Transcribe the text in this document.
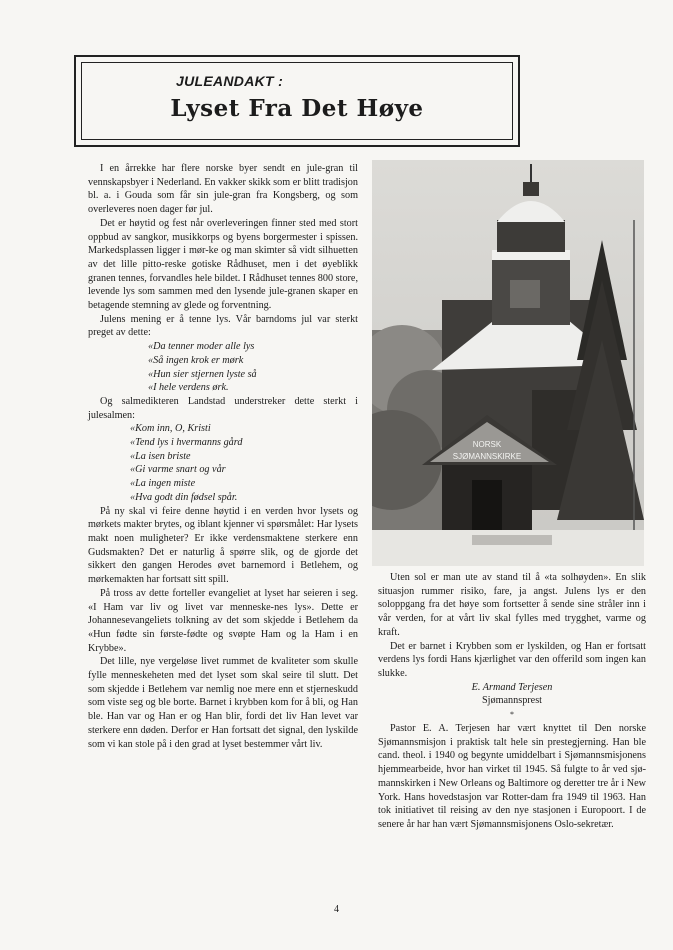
JULEANDAKT :
Lyset Fra Det Høye

I en årrekke har flere norske byer sendt en jule-gran til vennskapsbyer i Nederland. En vakker skikk som er blitt tradisjon bl. a. i Gouda som får sin jule-gran fra Kongsberg, og som overleveres noen dager før jul.

Det er høytid og fest når overleveringen finner sted med stort oppbud av sangkor, musikkorps og byens borgermester i spissen. Markedsplassen ligger i mør-ke og man skimter så vidt silhuetten av det lille pitto-reske gotiske Rådhuset, men i det øyeblikk granen tennes, forvandles hele bildet. I Rådhuset tennes 800 store, levende lys som sammen med den lysende jule-granen skaper en betagende stemning av glede og forventning.

Julens mening er å tenne lys. Vår barndoms jul var sterkt preget av dette:

«Da tenner moder alle lys
«Så ingen krok er mørk
«Hun sier stjernen lyste så
«I hele verdens ørk.

Og salmedikteren Landstad understreker dette sterkt i julesalmen:

«Kom inn, O, Kristi
«Tend lys i hvermanns gård
«La isen briste
«Gi varme snart og vår
«La ingen miste
«Hva godt din fødsel spår.

På ny skal vi feire denne høytid i en verden hvor lysets og mørkets makter brytes, og iblant kjenner vi spørsmålet: Har lysets makt noen muligheter? Er ikke verdensmaktene sterkere enn Gudsmakten? Det er naturlig å spørre slik, og de gjorde det sikkert den gangen Herodes øvet barnemord i Betlehem, og mørkemakten har fortsatt sitt spill.

På tross av dette forteller evangeliet at lyset har seieren i seg. «I Ham var liv og livet var menneske-nes lys». Dette er Johannesevangeliets tolkning av det som skjedde i Betlehem da «Hun fødte sin første-fødte og svøpte Ham og la Ham i en Krybbe».

Det lille, nye vergeløse livet rummet de kvaliteter som skulle fylle menneskeheten med det lyset som skal seire til slutt. Det som skjedde i Betlehem var nemlig noe mere enn et stjerneskudd som viste seg og ble borte. Barnet i krybben kom for å bli, og Han ble. Han var og Han er og Han blir, fordi det liv Han levet var sterkere enn døden. Derfor er Han fortsatt det signal, den lyskilde som vi kan stole på i den grad at lyset bestemmer vårt liv.

NORSK
SJØMANNSKIRKE

Uten sol er man ute av stand til å «ta solhøyden». En slik situasjon rummer risiko, fare, ja angst. Julens lys er den soloppgang fra det høye som fortsetter å sende sine stråler inn i vår verden, for at vårt liv skal fylles med trygghet, varme og kraft.

Det er barnet i Krybben som er lyskilden, og Han er fortsatt verdens lys fordi Hans kjærlighet var den offerild som ingen kan slukke.

E. Armand Terjesen

Sjømannsprest

*

Pastor E. A. Terjesen har vært knyttet til Den norske Sjømannsmisjon i praktisk talt hele sin prestegjerning. Han ble cand. theol. i 1940 og begynte umiddelbart i Sjømannsmisjonens hjemmearbeide, hvor han virket til 1945. Så fulgte to år ved sjø-mannskirken i New Orleans og Baltimore og deretter tre år i New York. Hans hovedstasjon var Rotter-dam fra 1949 til 1963. Han tok initiativet til reising av den nye stasjonen i Europoort. I de senere år har han vært Sjømannsmisjonens Oslo-sekretær.

4
